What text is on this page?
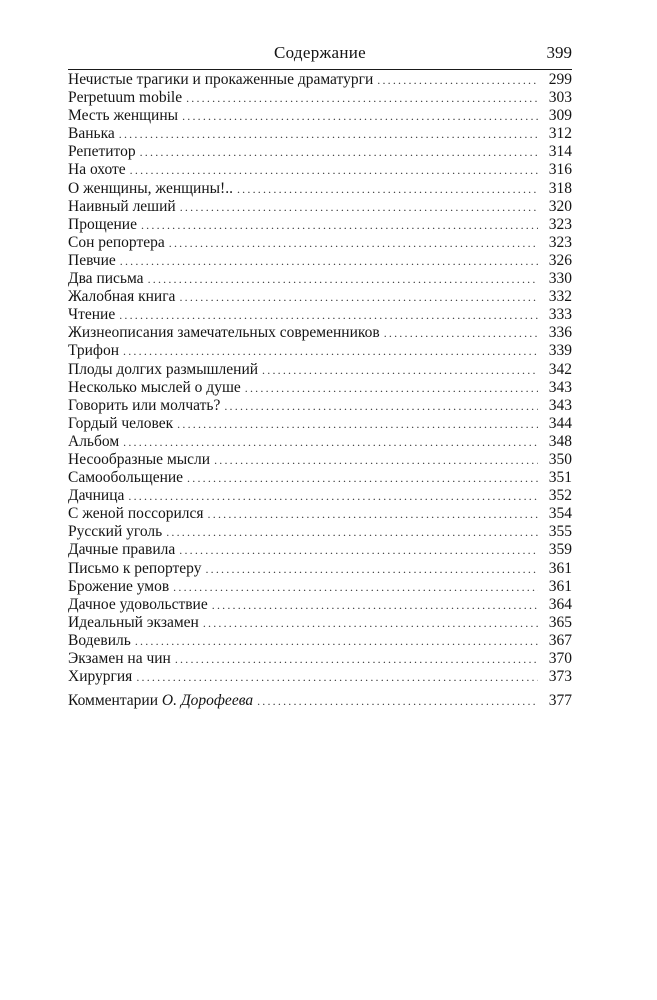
Содержание	399
Нечистые трагики и прокаженные драматурги .....	299
Perpetuum mobile .....	303
Месть женщины .....	309
Ванька .....	312
Репетитор .....	314
На охоте .....	316
О женщины, женщины!.. .....	318
Наивный леший .....	320
Прощение .....	323
Сон репортера .....	323
Певчие .....	326
Два письма .....	330
Жалобная книга .....	332
Чтение .....	333
Жизнеописания замечательных современников .....	336
Трифон .....	339
Плоды долгих размышлений .....	342
Несколько мыслей о душе .....	343
Говорить или молчать? .....	343
Гордый человек .....	344
Альбом .....	348
Несообразные мысли .....	350
Самообольщение .....	351
Дачница .....	352
С женой поссорился .....	354
Русский уголь .....	355
Дачные правила .....	359
Письмо к репортеру .....	361
Брожение умов .....	361
Дачное удовольствие .....	364
Идеальный экзамен .....	365
Водевиль .....	367
Экзамен на чин .....	370
Хирургия .....	373
Комментарии О. Дорофеева .....	377
